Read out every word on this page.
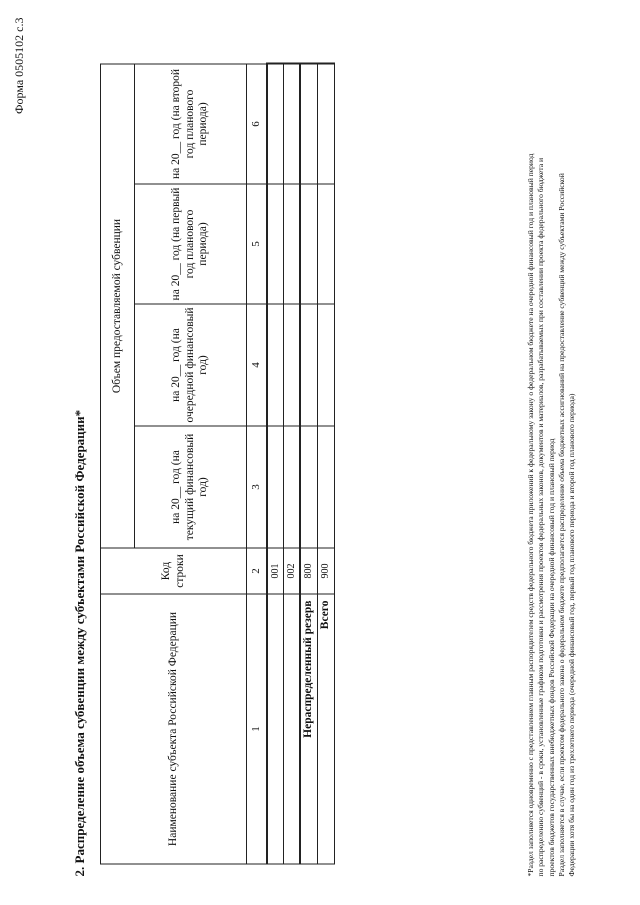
Форма 0505102 с.3
2. Распределение объема субвенции между субъектами Российской Федерации*	Наименование субъекта Российской Федерации	Код строки	Объем предоставляемой субвенции			
		на 20__ год (на текущий финансовый год)	на 20__ год (на очередной финансовый год)	на 20__ год (на первый год планового периода)	на 20__ год (на второй год планового периода)
1	2	3	4	5	6
	001				
	002				
Нераспределенный резерв	800				
Всего	900					*Раздел заполняется одновременно с представлением главным распорядителем средств федерального бюджета приложений к федеральному закону о федеральном бюджете на очередной финансовый год и плановый период по распределению субвенций - в сроки, установленные графиком подготовки и рассмотрения проектов федеральных законов, документов и материалов, разрабатываемых при составлении проекта федерального бюджета и проектов бюджетов государственных внебюджетных фондов Российской Федерации на очередной финансовый год и плановый период Раздел заполняется в случае, если проектом федерального закона о федеральном бюджете предполагается распределение объема бюджетных ассигнований на предоставление субвенций между субъектами Российской Федерации хотя бы на один год из трехлетнего периода (очередной финансовый год, первый год планового периода и второй год планового периода)
